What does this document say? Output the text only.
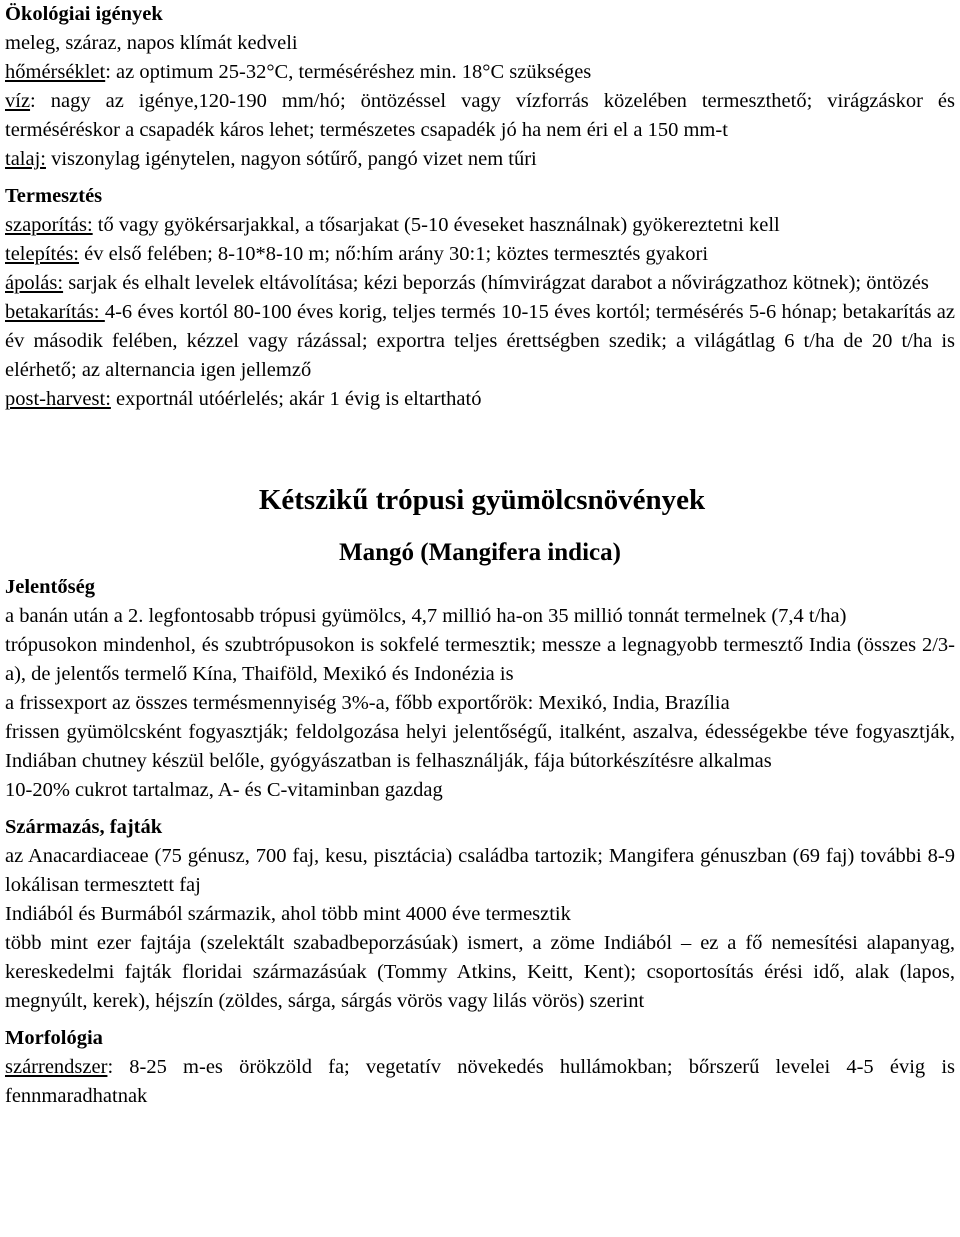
Ökológiai igények

meleg, száraz, napos klímát kedveli

hőmérséklet: az optimum 25-32°C, terméséréshez min. 18°C szükséges

víz: nagy az igénye,120-190 mm/hó; öntözéssel vagy vízforrás közelében termeszthető; virágzáskor és terméséréskor a csapadék káros lehet; természetes csapadék jó ha nem éri el a 150 mm-t

talaj: viszonylag igénytelen, nagyon sótűrő, pangó vizet nem tűri

Termesztés

szaporítás: tő vagy gyökérsarjakkal, a tősarjakat (5-10 éveseket használnak) gyökereztetni kell

telepítés: év első felében; 8-10*8-10 m; nő:hím arány 30:1; köztes termesztés gyakori

ápolás: sarjak és elhalt levelek eltávolítása; kézi beporzás (hímvirágzat darabot a nővirágzathoz kötnek); öntözés

betakarítás: 4-6 éves kortól 80-100 éves korig, teljes termés 10-15 éves kortól; termésérés 5-6 hónap; betakarítás az év második felében, kézzel vagy rázással; exportra teljes érettségben szedik; a világátlag 6 t/ha de 20 t/ha is elérhető; az alternancia igen jellemző

post-harvest: exportnál utóérlelés; akár 1 évig is eltartható

Kétszikű trópusi gyümölcsnövények

Mangó (Mangifera indica)

Jelentőség

a banán után a 2. legfontosabb trópusi gyümölcs, 4,7 millió ha-on 35 millió tonnát termelnek (7,4 t/ha)

trópusokon mindenhol, és szubtrópusokon is sokfelé termesztik; messze a legnagyobb termesztő India (összes 2/3-a), de jelentős termelő Kína, Thaiföld, Mexikó és Indonézia is

a frissexport az összes termésmennyiség 3%-a, főbb exportőrök: Mexikó, India, Brazília

frissen gyümölcsként fogyasztják; feldolgozása helyi jelentőségű, italként, aszalva, édességekbe téve fogyasztják, Indiában chutney készül belőle, gyógyászatban is felhasználják, fája bútorkészítésre alkalmas

10-20% cukrot tartalmaz, A- és C-vitaminban gazdag

Származás, fajták

az Anacardiaceae (75 génusz, 700 faj, kesu, pisztácia) családba tartozik; Mangifera génuszban (69 faj) további 8-9 lokálisan termesztett faj

Indiából és Burmából származik, ahol több mint 4000 éve termesztik

több mint ezer fajtája (szelektált szabadbeporzásúak) ismert, a zöme Indiából – ez a fő nemesítési alapanyag, kereskedelmi fajták floridai származásúak (Tommy Atkins, Keitt, Kent); csoportosítás érési idő, alak (lapos, megnyúlt, kerek), héjszín (zöldes, sárga, sárgás vörös vagy lilás vörös) szerint

Morfológia

szárrendszer: 8-25 m-es örökzöld fa; vegetatív növekedés hullámokban; bőrszerű levelei 4-5 évig is fennmaradhatnak
